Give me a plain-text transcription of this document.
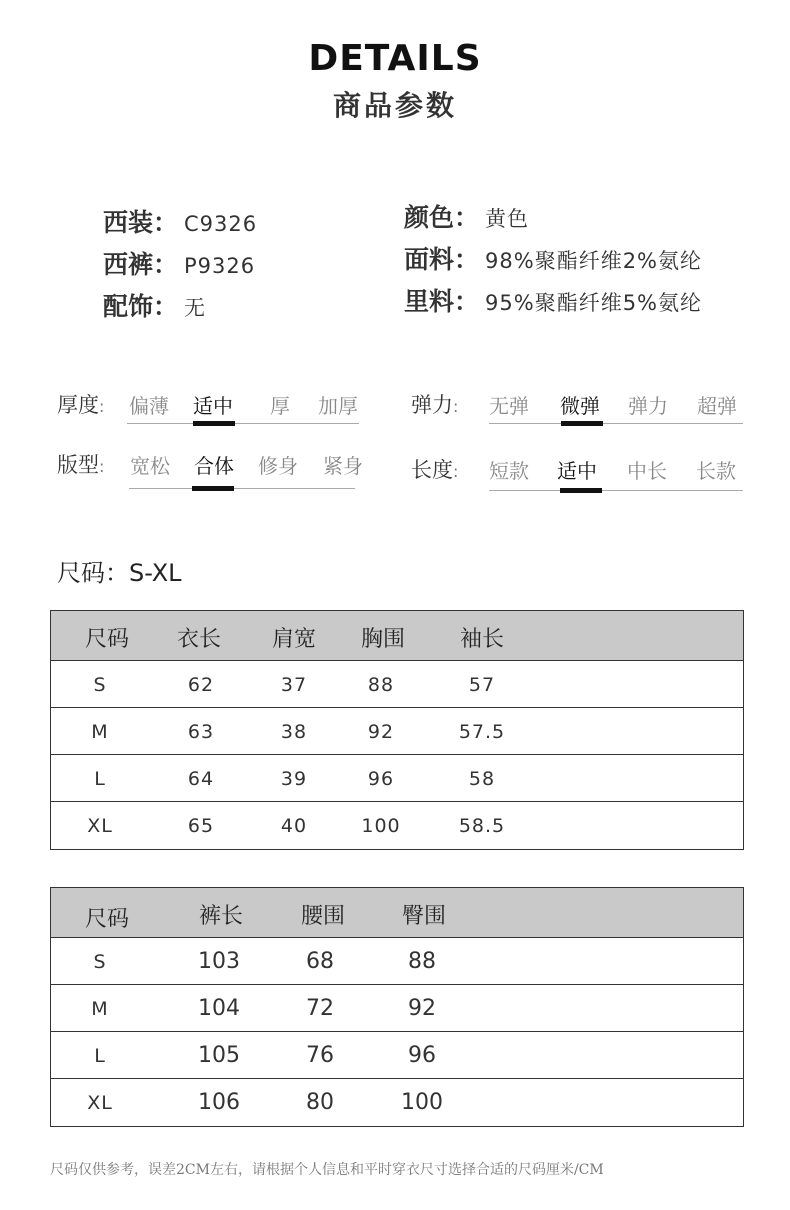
DETAILS
商品参数
西装： C9326
西裤： P9326
配饰： 无
颜色： 黄色
面料： 98%聚酯纤维2%氨纶
里料： 95%聚酯纤维5%氨纶
厚度: 偏薄 适中 厚 加厚	弹力: 无弹 微弹 弹力 超弹
版型: 宽松 合体 修身 紧身 长度: 短款 适中 中长 长款
尺码：S-XL
尺码	衣长	肩宽	胸围	袖长
S	62	37	88	57
M	63	38	92	57.5
L	64	39	96	58
XL	65	40	100	58.5
尺码	裤长	腰围	臀围
S	103	68	88
M	104	72	92
L	105	76	96
XL	106	80	100
尺码仅供参考，误差2CM左右，请根据个人信息和平时穿衣尺寸选择合适的尺码厘米/CM
